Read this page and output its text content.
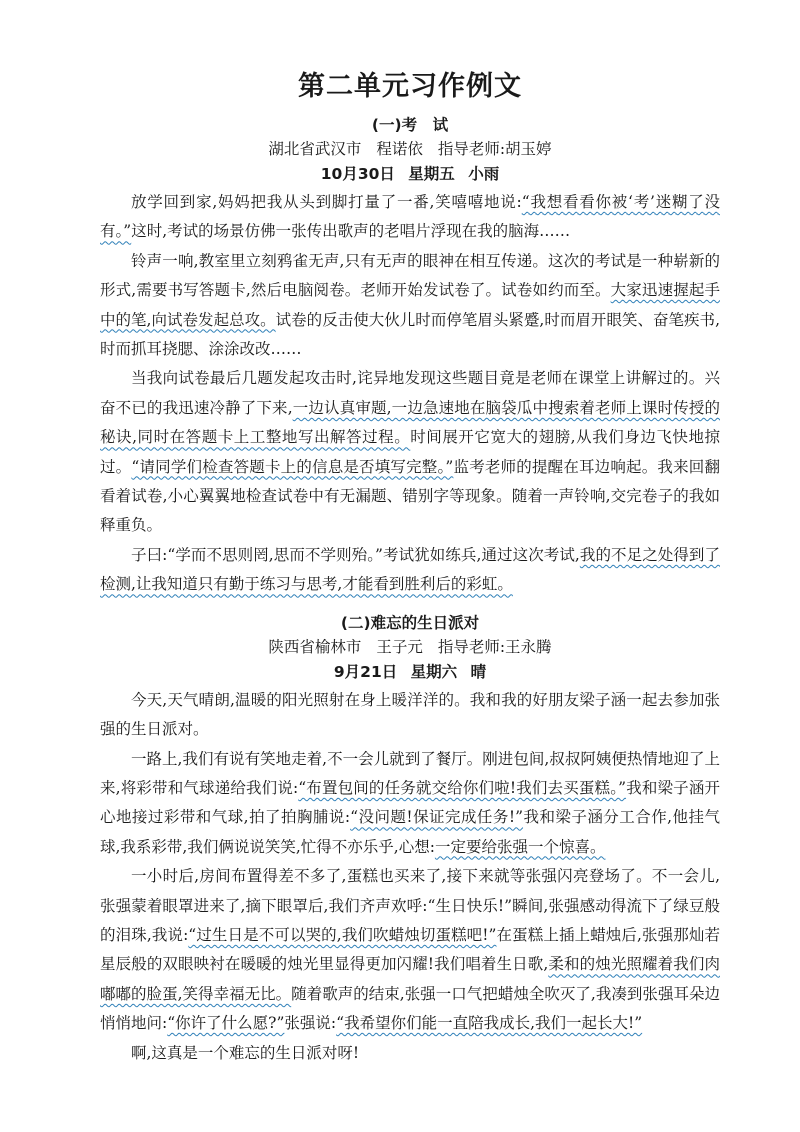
第二单元习作例文
(一)考　试

湖北省武汉市 程诺依 指导老师:胡玉婷

10月30日 星期五 小雨

放学回到家,妈妈把我从头到脚打量了一番,笑嘻嘻地说:“我想看看你被‘考’迷糊了没有。”这时,考试的场景仿佛一张传出歌声的老唱片浮现在我的脑海……

铃声一响,教室里立刻鸦雀无声,只有无声的眼神在相互传递。这次的考试是一种崭新的形式,需要书写答题卡,然后电脑阅卷。老师开始发试卷了。试卷如约而至。大家迅速握起手中的笔,向试卷发起总攻。试卷的反击使大伙儿时而停笔眉头紧蹙,时而眉开眼笑、奋笔疾书,时而抓耳挠腮、涂涂改改……

当我向试卷最后几题发起攻击时,诧异地发现这些题目竟是老师在课堂上讲解过的。兴奋不已的我迅速冷静了下来,一边认真审题,一边急速地在脑袋瓜中搜索着老师上课时传授的秘诀,同时在答题卡上工整地写出解答过程。时间展开它宽大的翅膀,从我们身边飞快地掠过。“请同学们检查答题卡上的信息是否填写完整。”监考老师的提醒在耳边响起。我来回翻看着试卷,小心翼翼地检查试卷中有无漏题、错别字等现象。随着一声铃响,交完卷子的我如释重负。

子曰:“学而不思则罔,思而不学则殆。”考试犹如练兵,通过这次考试,我的不足之处得到了检测,让我知道只有勤于练习与思考,才能看到胜利后的彩虹。

(二)难忘的生日派对

陕西省榆林市 王子元 指导老师:王永腾

9月21日 星期六 晴

今天,天气晴朗,温暖的阳光照射在身上暖洋洋的。我和我的好朋友梁子涵一起去参加张强的生日派对。

一路上,我们有说有笑地走着,不一会儿就到了餐厅。刚进包间,叔叔阿姨便热情地迎了上来,将彩带和气球递给我们说:“布置包间的任务就交给你们啦!我们去买蛋糕。”我和梁子涵开心地接过彩带和气球,拍了拍胸脯说:“没问题!保证完成任务!”我和梁子涵分工合作,他挂气球,我系彩带,我们俩说说笑笑,忙得不亦乐乎,心想:一定要给张强一个惊喜。

一小时后,房间布置得差不多了,蛋糕也买来了,接下来就等张强闪亮登场了。不一会儿,张强蒙着眼罩进来了,摘下眼罩后,我们齐声欢呼:“生日快乐!”瞬间,张强感动得流下了绿豆般的泪珠,我说:“过生日是不可以哭的,我们吹蜡烛切蛋糕吧!”在蛋糕上插上蜡烛后,张强那灿若星辰般的双眼映衬在暖暖的烛光里显得更加闪耀!我们唱着生日歌,柔和的烛光照耀着我们肉嘟嘟的脸蛋,笑得幸福无比。随着歌声的结束,张强一口气把蜡烛全吹灭了,我凑到张强耳朵边悄悄地问:“你许了什么愿?”张强说:“我希望你们能一直陪我成长,我们一起长大!”

啊,这真是一个难忘的生日派对呀!
